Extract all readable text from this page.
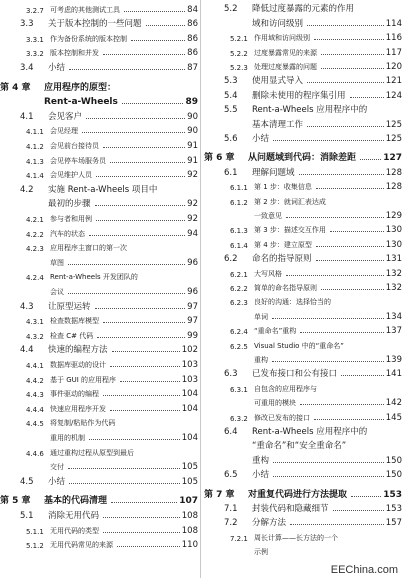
3.2.7 可考虑的其他测试工具	84
3.3	关于版本控制的一些问题	86
3.3.1 作为备份系统的版本控制	86
3.3.2 版本控制和并发	86
3.4	小结	87
第 4 章	应用程序的原型：
Rent-a-Wheels	89
4.1	会见客户	90
4.1.1 会见经理	90
4.1.2 会见前台接待员	91
4.1.3 会见停车场服务员	91
4.1.4 会见维护人员	92
4.2	实施 Rent-a-Wheels 项目中
最初的步骤	92
4.2.1 参与者和用例	92
4.2.2 汽车的状态	94
4.2.3 应用程序主窗口的第一次
草图	96
4.2.4 Rent-a-Wheels 开发团队的
会议	96
4.3	让原型运转	97
4.3.1 检查数据库模型	97
4.3.2 检查 C# 代码	99
4.4	快速的编程方法	102
4.4.1 数据库驱动的设计	103
4.4.2 基于 GUI 的应用程序	103
4.4.3 事件驱动的编程	104
4.4.4 快速应用程序开发	104
4.4.5 将复制/粘贴作为代码
重用的机制	104
4.4.6 通过重构过程从原型到最后
交付	105
4.5	小结	105
第 5 章	基本的代码清理	107
5.1	消除无用代码	108
5.1.1 无用代码的类型	108
5.1.2 无用代码常见的来源	110
5.2	降低过度暴露的元素的作用
域和访问级别	114
5.2.1 作用域和访问级别	116
5.2.2 过度暴露常见的来源	117
5.2.3 处理过度暴露的问题	120
5.3	使用显式导入	121
5.4	删除未使用的程序集引用	124
5.5	Rent-a-Wheels 应用程序中的
基本清理工作	125
5.6	小结	125
第 6 章	从问题域到代码：消除差距	127
6.1	理解问题域	128
6.1.1 第 1 步：收集信息	128
6.1.2 第 2 步：就词汇表达成
一致意见	129
6.1.3 第 3 步：描述交互作用	130
6.1.4 第 4 步：建立原型	130
6.2	命名的指导原则	131
6.2.1 大写风格	132
6.2.2 简单的命名指导原则	132
6.2.3 良好的沟通：选择恰当的
单词	134
6.2.4 “重命名”重构	137
6.2.5 Visual Studio 中的“重命名”
重构	139
6.3	已发布接口和公有接口	141
6.3.1 自包含的应用程序与
可重用的模块	142
6.3.2 修改已发布的接口	145
6.4	Rent-a-Wheels 应用程序中的
“重命名”和“安全重命名”
重构	150
6.5	小结	150
第 7 章	对重复代码进行方法提取	153
7.1	封装代码和隐藏细节	153
7.2	分解方法	157
7.2.1 周长计算——长方法的一个
示例
EEChina.com
